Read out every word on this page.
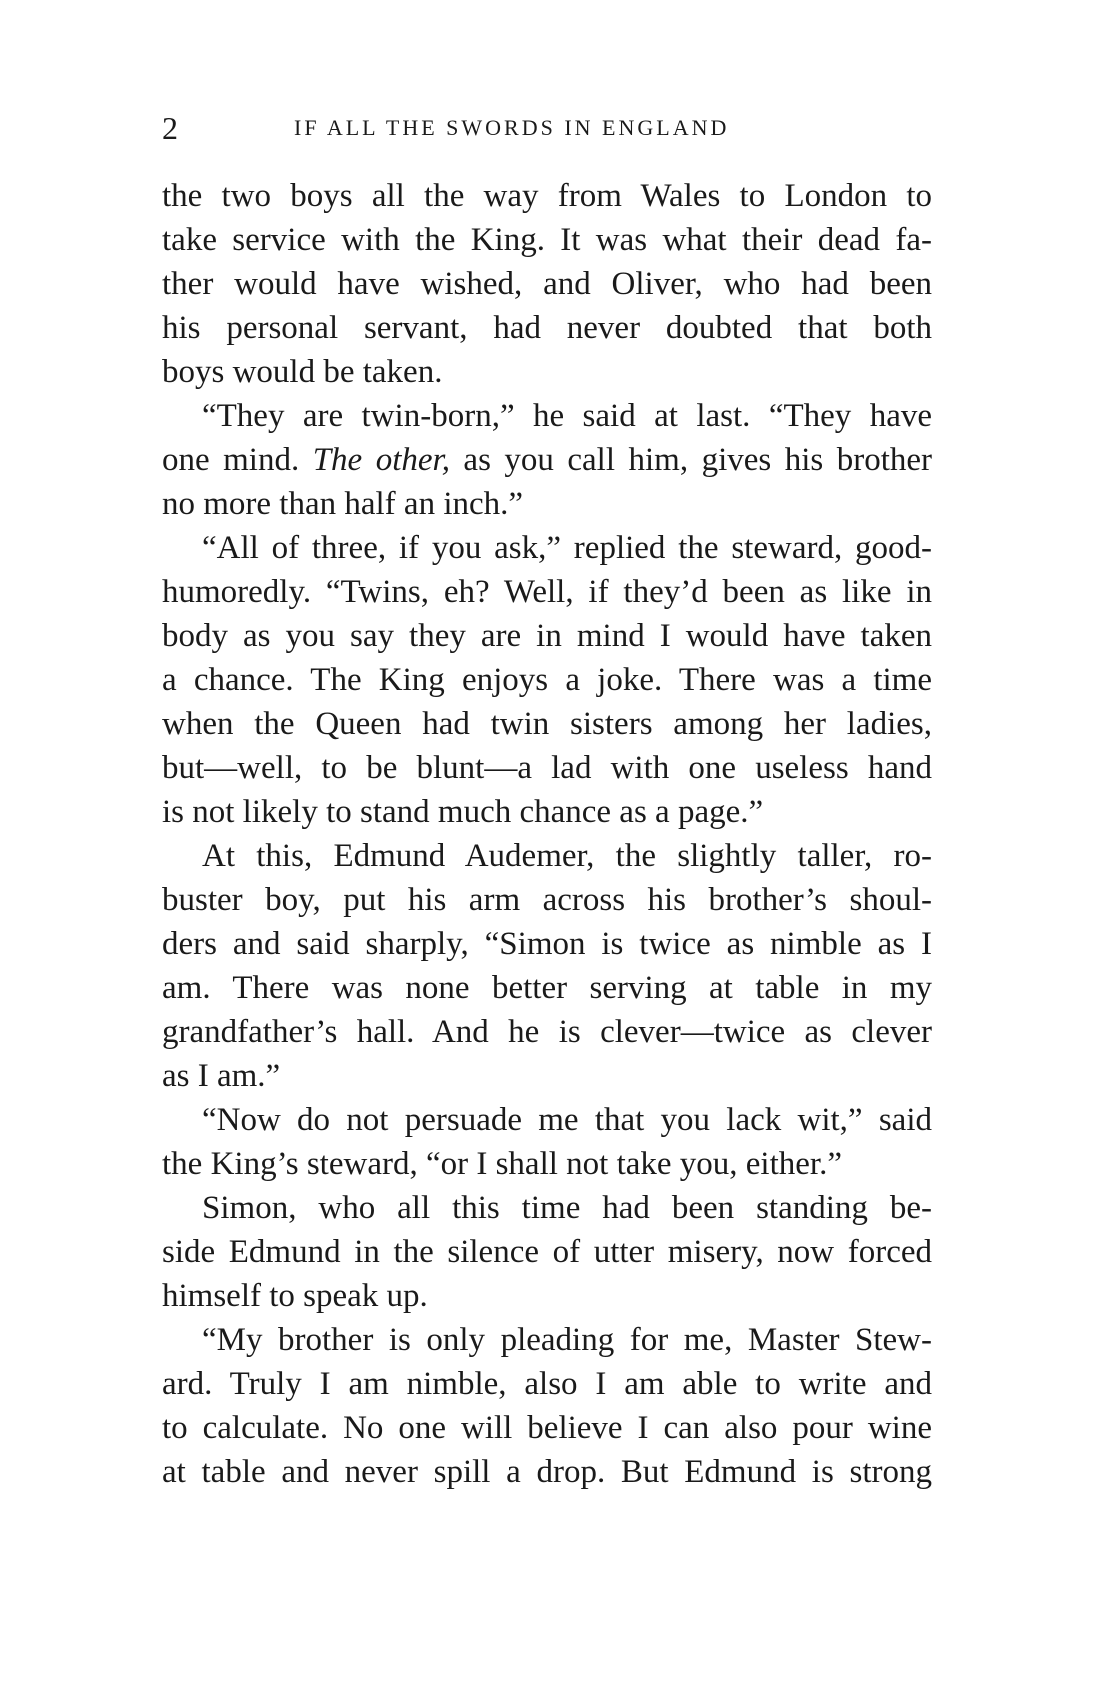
2	IF ALL THE SWORDS IN ENGLAND
the two boys all the way from Wales to London to
take service with the King. It was what their dead fa-
ther would have wished, and Oliver, who had been
his personal servant, had never doubted that both
boys would be taken.
“They are twin-born,” he said at last. “They have
one mind. The other, as you call him, gives his brother
no more than half an inch.”
“All of three, if you ask,” replied the steward, good-
humoredly. “Twins, eh? Well, if they’d been as like in
body as you say they are in mind I would have taken
a chance. The King enjoys a joke. There was a time
when the Queen had twin sisters among her ladies,
but—well, to be blunt—a lad with one useless hand
is not likely to stand much chance as a page.”
At this, Edmund Audemer, the slightly taller, ro-
buster boy, put his arm across his brother’s shoul-
ders and said sharply, “Simon is twice as nimble as I
am. There was none better serving at table in my
grandfather’s hall. And he is clever—twice as clever
as I am.”
“Now do not persuade me that you lack wit,” said
the King’s steward, “or I shall not take you, either.”
Simon, who all this time had been standing be-
side Edmund in the silence of utter misery, now forced
himself to speak up.
“My brother is only pleading for me, Master Stew-
ard. Truly I am nimble, also I am able to write and
to calculate. No one will believe I can also pour wine
at table and never spill a drop. But Edmund is strong
